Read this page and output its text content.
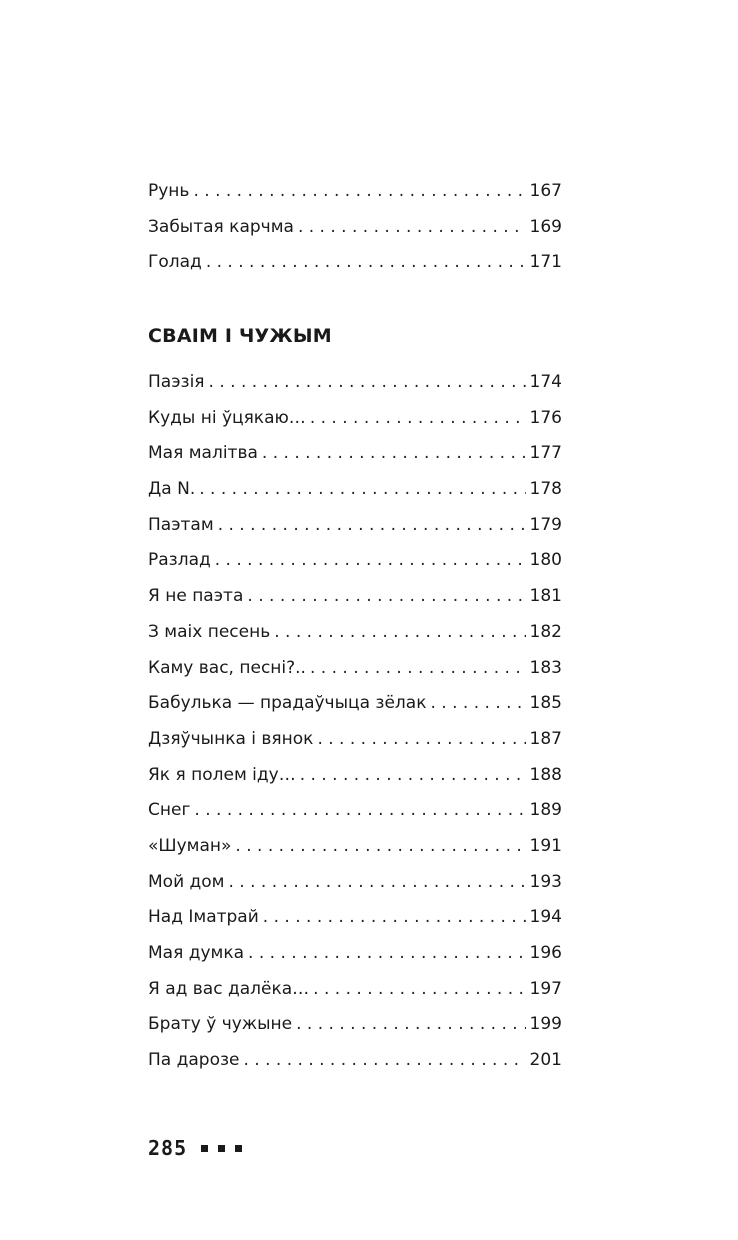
Рунь . . .	167
Забытая карчма . . .	169
Голад . . .	171
СВАІМ І ЧУЖЫМ
Паэзія . . .	174
Куды ні ўцякаю… . . .	176
Мая малітва . . .	177
Да N. . . .	178
Паэтам . . .	179
Разлад . . .	180
Я не паэта . . .	181
З маіх песень . . .	182
Каму вас, песні?.. . . .	183
Бабулька — прадаўчыца зёлак . . .	185
Дзяўчынка і вянок . . .	187
Як я полем іду… . . .	188
Снег . . .	189
«Шуман» . . .	191
Мой дом . . .	193
Над Іматрай . . .	194
Мая думка . . .	196
Я ад вас далёка… . . .	197
Брату ў чужыне . . .	199
Па дарозе . . .	201
285
